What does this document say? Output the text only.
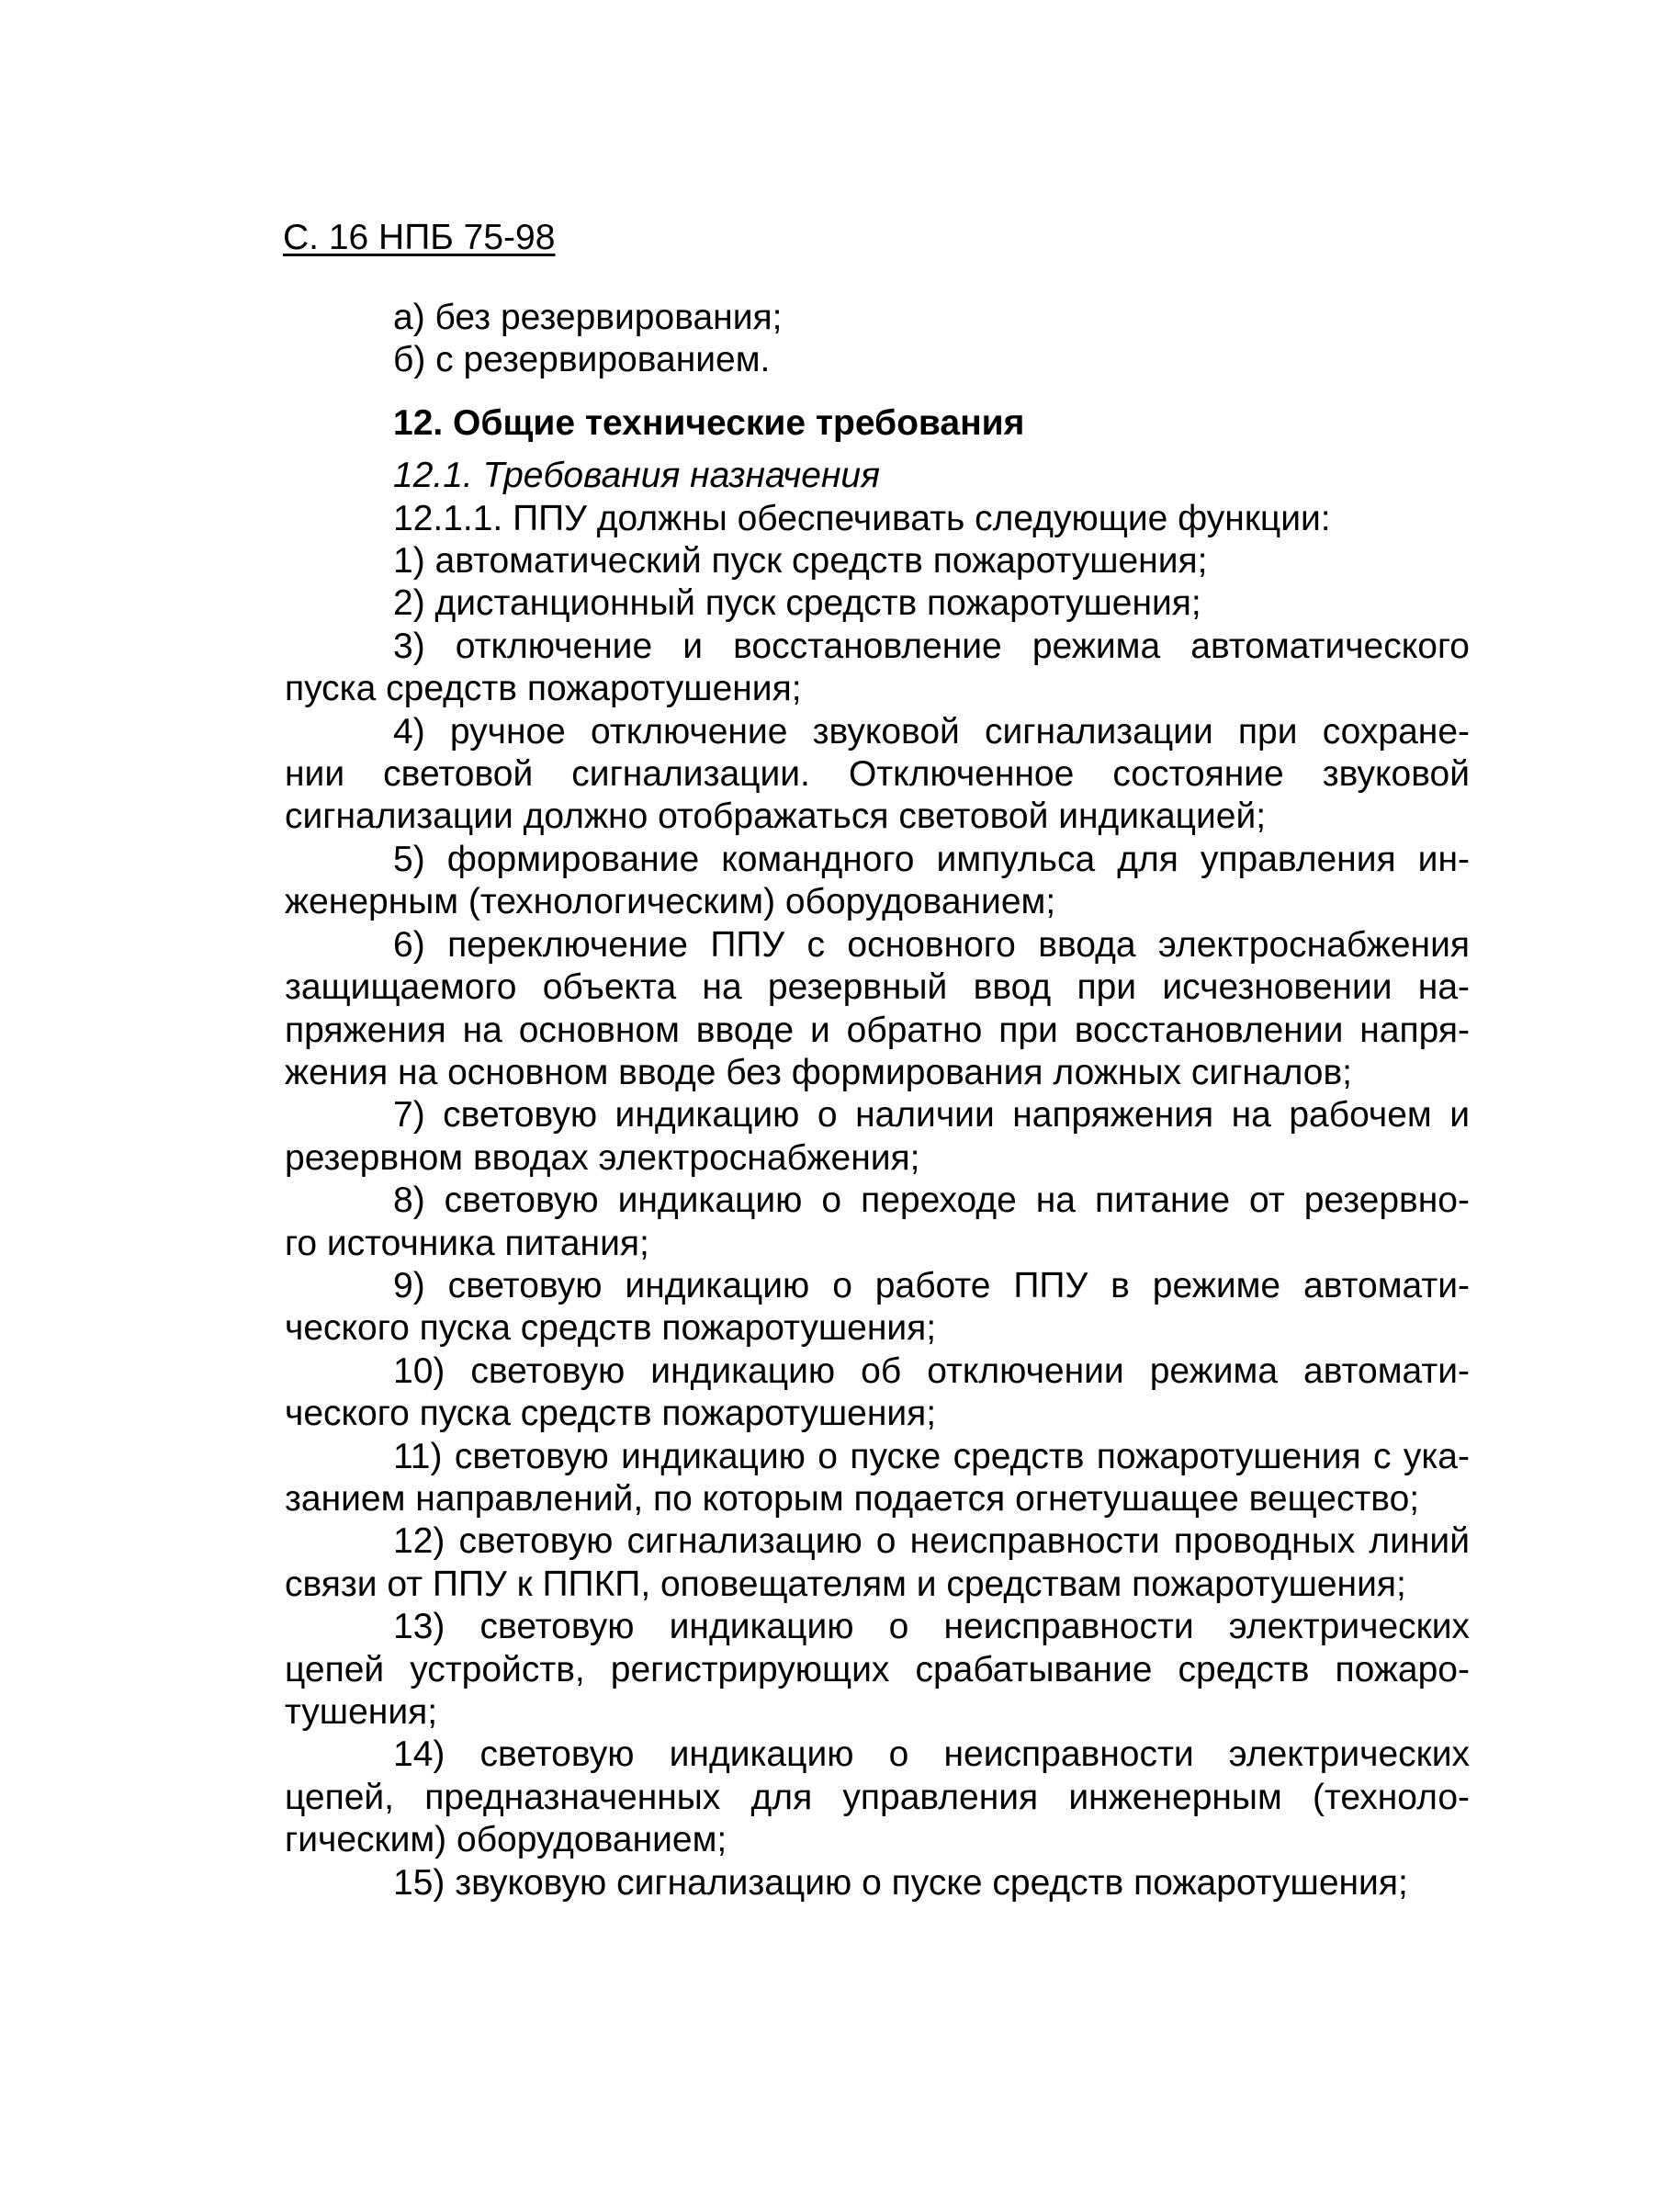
С. 16 НПБ 75-98
а) без резервирования;
б) с резервированием.
12. Общие технические требования
12.1. Требования назначения
12.1.1. ППУ должны обеспечивать следующие функции:
1) автоматический пуск средств пожаротушения;
2) дистанционный пуск средств пожаротушения;
3) отключение и восстановление режима автоматического
пуска средств пожаротушения;
4) ручное отключение звуковой сигнализации при сохране-
нии световой сигнализации. Отключенное состояние звуковой
сигнализации должно отображаться световой индикацией;
5) формирование командного импульса для управления ин-
женерным (технологическим) оборудованием;
6) переключение ППУ с основного ввода электроснабжения
защищаемого объекта на резервный ввод при исчезновении на-
пряжения на основном вводе и обратно при восстановлении напря-
жения на основном вводе без формирования ложных сигналов;
7) световую индикацию о наличии напряжения на рабочем и
резервном вводах электроснабжения;
8) световую индикацию о переходе на питание от резервно-
го источника питания;
9) световую индикацию о работе ППУ в режиме автомати-
ческого пуска средств пожаротушения;
10) световую индикацию об отключении режима автомати-
ческого пуска средств пожаротушения;
11) световую индикацию о пуске средств пожаротушения с ука-
занием направлений, по которым подается огнетушащее вещество;
12) световую сигнализацию о неисправности проводных линий
связи от ППУ к ППКП, оповещателям и средствам пожаротушения;
13) световую индикацию о неисправности электрических
цепей устройств, регистрирующих срабатывание средств пожаро-
тушения;
14) световую индикацию о неисправности электрических
цепей, предназначенных для управления инженерным (техноло-
гическим) оборудованием;
15) звуковую сигнализацию о пуске средств пожаротушения;
